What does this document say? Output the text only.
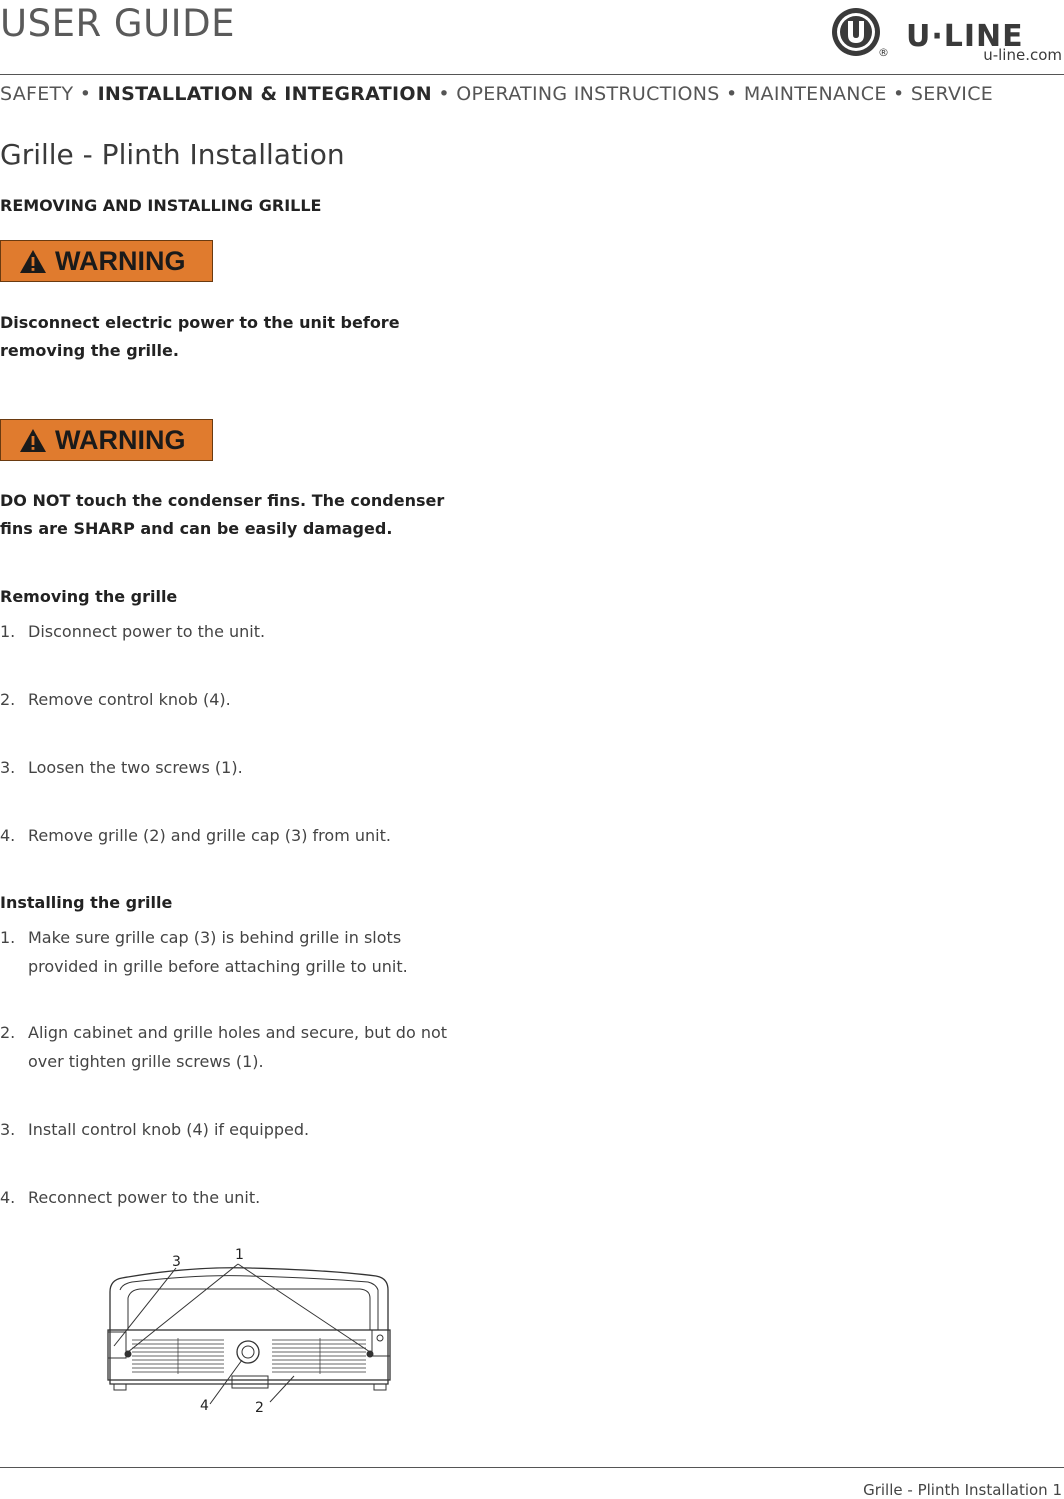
USER GUIDE
® U·LINE
u-line.com
SAFETY • INSTALLATION & INTEGRATION • OPERATING INSTRUCTIONS • MAINTENANCE • SERVICE
Grille - Plinth Installation
REMOVING AND INSTALLING GRILLE
WARNING
Disconnect electric power to the unit before
removing the grille.
WARNING
DO NOT touch the condenser fins. The condenser
fins are SHARP and can be easily damaged.
Removing the grille
1. Disconnect power to the unit.
2. Remove control knob (4).
3. Loosen the two screws (1).
4. Remove grille (2) and grille cap (3) from unit.
Installing the grille
1. Make sure grille cap (3) is behind grille in slots
provided in grille before attaching grille to unit.
2. Align cabinet and grille holes and secure, but do not
over tighten grille screws (1).
3. Install control knob (4) if equipped.
4. Reconnect power to the unit.
3	1
4	2
Grille - Plinth Installation 1
